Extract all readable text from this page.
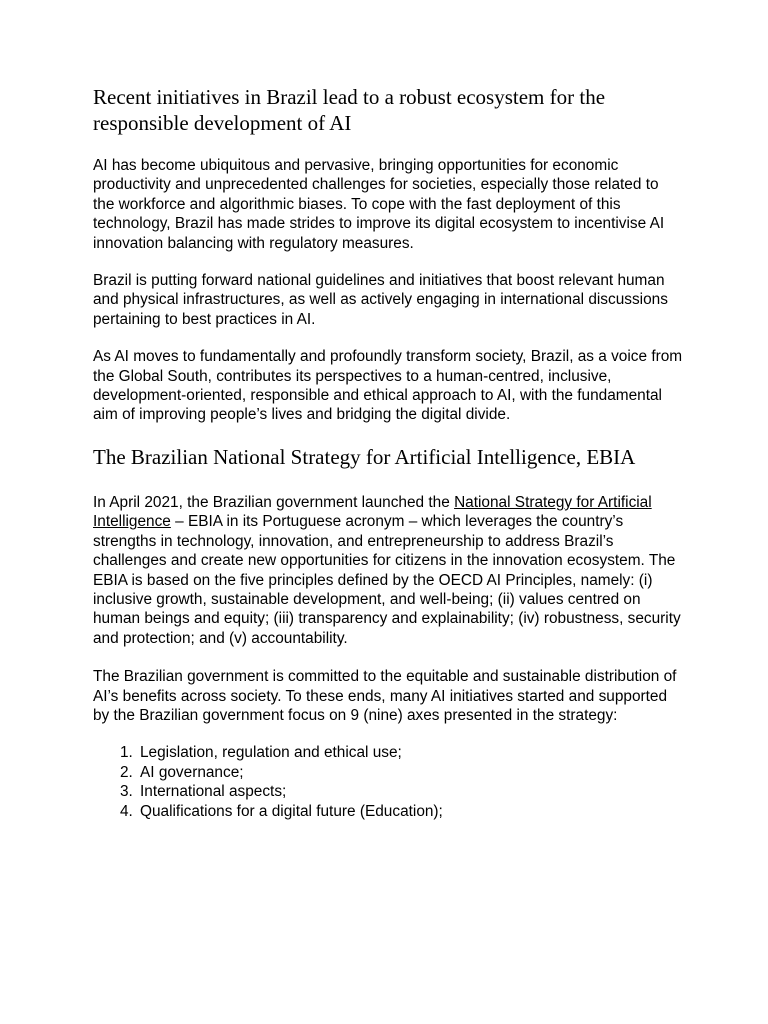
Recent initiatives in Brazil lead to a robust ecosystem for the responsible development of AI

AI has become ubiquitous and pervasive, bringing opportunities for economic productivity and unprecedented challenges for societies, especially those related to the workforce and algorithmic biases. To cope with the fast deployment of this technology, Brazil has made strides to improve its digital ecosystem to incentivise AI innovation balancing with regulatory measures.

Brazil is putting forward national guidelines and initiatives that boost relevant human and physical infrastructures, as well as actively engaging in international discussions pertaining to best practices in AI.

As AI moves to fundamentally and profoundly transform society, Brazil, as a voice from the Global South, contributes its perspectives to a human-centred, inclusive, development-oriented, responsible and ethical approach to AI, with the fundamental aim of improving people’s lives and bridging the digital divide.

The Brazilian National Strategy for Artificial Intelligence, EBIA

In April 2021, the Brazilian government launched the National Strategy for Artificial Intelligence – EBIA in its Portuguese acronym – which leverages the country’s strengths in technology, innovation, and entrepreneurship to address Brazil’s challenges and create new opportunities for citizens in the innovation ecosystem. The EBIA is based on the five principles defined by the OECD AI Principles, namely: (i) inclusive growth, sustainable development, and well-being; (ii) values centred on human beings and equity; (iii) transparency and explainability; (iv) robustness, security and protection; and (v) accountability.

The Brazilian government is committed to the equitable and sustainable distribution of AI’s benefits across society. To these ends, many AI initiatives started and supported by the Brazilian government focus on 9 (nine) axes presented in the strategy:

1. Legislation, regulation and ethical use;
2. AI governance;
3. International aspects;
4. Qualifications for a digital future (Education);
